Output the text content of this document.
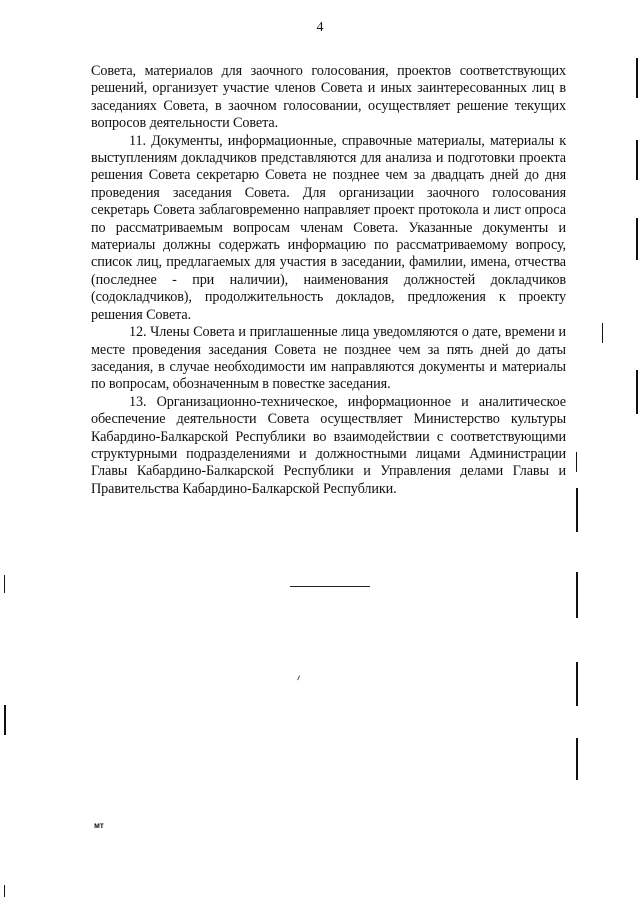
4

Совета, материалов для заочного голосования, проектов соответствующих решений, организует участие членов Совета и иных заинтересованных лиц в заседаниях Совета, в заочном голосовании, осуществляет решение текущих вопросов деятельности Совета.

11. Документы, информационные, справочные материалы, материалы к выступлениям докладчиков представляются для анализа и подготовки проекта решения Совета секретарю Совета не позднее чем за двадцать дней до дня проведения заседания Совета. Для организации заочного голосования секретарь Совета заблаговременно направляет проект протокола и лист опроса по рассматриваемым вопросам членам Совета. Указанные документы и материалы должны содержать информацию по рассматриваемому вопросу, список лиц, предлагаемых для участия в заседании, фамилии, имена, отчества (последнее - при наличии), наименования должностей докладчиков (содокладчиков), продолжительность докладов, предложения к проекту решения Совета.

12. Члены Совета и приглашенные лица уведомляются о дате, времени и месте проведения заседания Совета не позднее чем за пять дней до даты заседания, в случае необходимости им направляются документы и материалы по вопросам, обозначенным в повестке заседания.

13. Организационно-техническое, информационное и аналитическое обеспечение деятельности Совета осуществляет Министерство культуры Кабардино-Балкарской Республики во взаимодействии с соответствующими структурными подразделениями и должностными лицами Администрации Главы Кабардино-Балкарской Республики и Управления делами Главы и Правительства Кабардино-Балкарской Республики.

мт
